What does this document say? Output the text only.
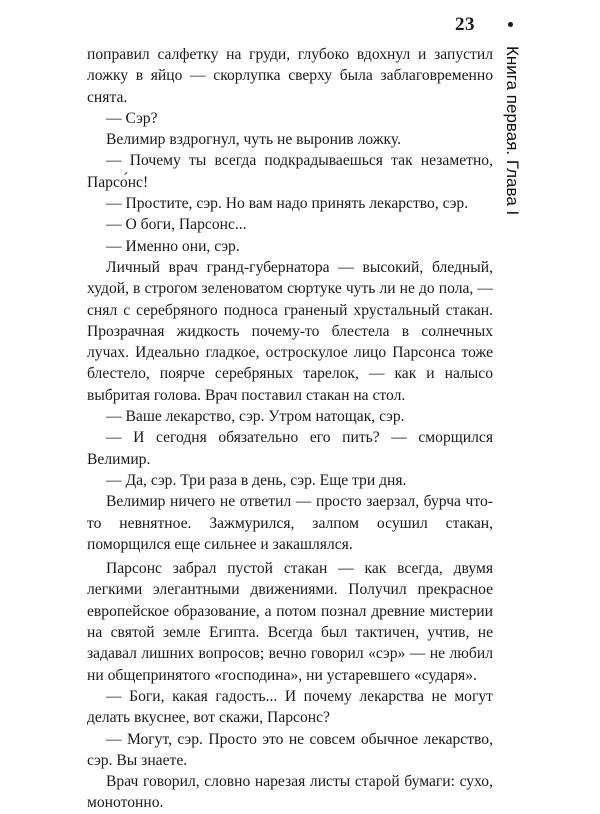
23
Книга первая. Глава I

поправил салфетку на груди, глубоко вдохнул и запустил ложку в яйцо — скорлупка сверху была заблаговременно снята.

— Сэр?

Велимир вздрогнул, чуть не выронив ложку.

— Почему ты всегда подкрадываешься так незаметно, Парсо́нс!

— Простите, сэр. Но вам надо принять лекарство, сэр.

— О боги, Парсонс...

— Именно они, сэр.

Личный врач гранд-губернатора — высокий, бледный, худой, в строгом зеленоватом сюртуке чуть ли не до пола, — снял с серебряного подноса граненый хрустальный стакан. Прозрачная жидкость почему-то блестела в солнечных лучах. Идеально гладкое, остроскулое лицо Парсонса тоже блестело, поярче серебряных тарелок, — как и налысо выбритая голова. Врач поставил стакан на стол.

— Ваше лекарство, сэр. Утром натощак, сэр.

— И сегодня обязательно его пить? — сморщился Велимир.

— Да, сэр. Три раза в день, сэр. Еще три дня.

Велимир ничего не ответил — просто заерзал, бурча что-то невнятное. Зажмурился, залпом осушил стакан, поморщился еще сильнее и закашлялся.

Парсонс забрал пустой стакан — как всегда, двумя легкими элегантными движениями. Получил прекрасное европейское образование, а потом познал древние мистерии на святой земле Египта. Всегда был тактичен, учтив, не задавал лишних вопросов; вечно говорил «сэр» — не любил ни общепринятого «господина», ни устаревшего «сударя».

— Боги, какая гадость... И почему лекарства не могут делать вкуснее, вот скажи, Парсонс?

— Могут, сэр. Просто это не совсем обычное лекарство, сэр. Вы знаете.

Врач говорил, словно нарезая листы старой бумаги: сухо, монотонно.
